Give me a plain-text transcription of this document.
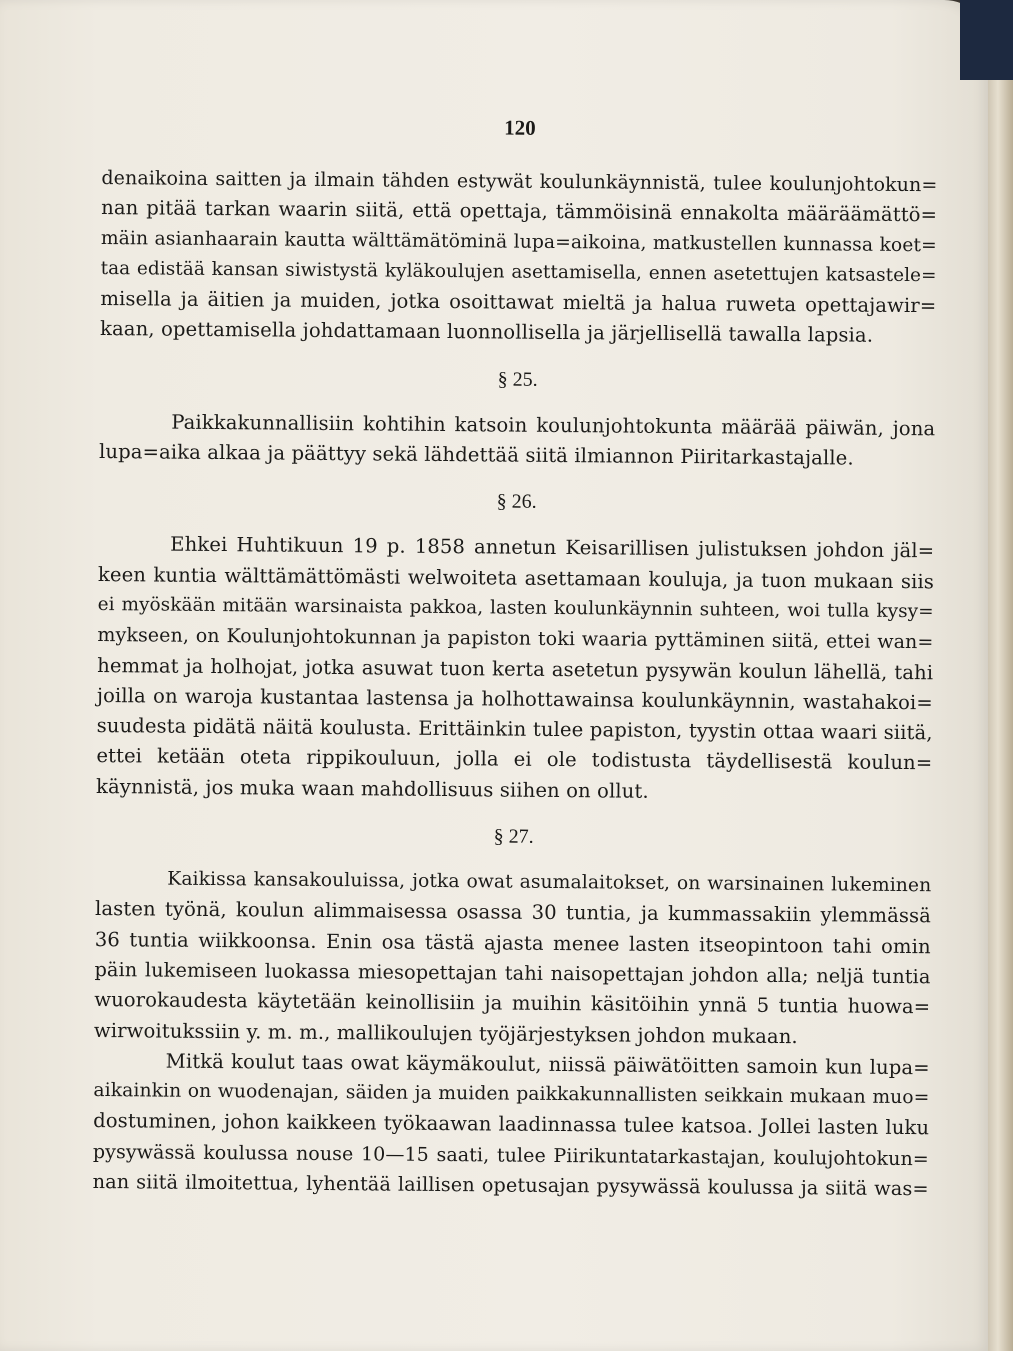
120
denaikoina saitten ja ilmain tähden estywät koulunkäynnistä, tulee koulunjohtokun=
nan pitää tarkan waarin siitä, että opettaja, tämmöisinä ennakolta määräämättö=
mäin asianhaarain kautta wälttämätöminä lupa=aikoina, matkustellen kunnassa koet=
taa edistää kansan siwistystä kyläkoulujen asettamisella, ennen asetettujen katsastele=
misella ja äitien ja muiden, jotka osoittawat mieltä ja halua ruweta opettajawir=
kaan, opettamisella johdattamaan luonnollisella ja järjellisellä tawalla lapsia.
§ 25.
Paikkakunnallisiin kohtihin katsoin koulunjohtokunta määrää päiwän, jona
lupa=aika alkaa ja päättyy sekä lähdettää siitä ilmiannon Piiritarkastajalle.
§ 26.
Ehkei Huhtikuun 19 p. 1858 annetun Keisarillisen julistuksen johdon jäl=
keen kuntia wälttämättömästi welwoiteta asettamaan kouluja, ja tuon mukaan siis
ei myöskään mitään warsinaista pakkoa, lasten koulunkäynnin suhteen, woi tulla kysy=
mykseen, on Koulunjohtokunnan ja papiston toki waaria pyttäminen siitä, ettei wan=
hemmat ja holhojat, jotka asuwat tuon kerta asetetun pysywän koulun lähellä, tahi
joilla on waroja kustantaa lastensa ja holhottawainsa koulunkäynnin, wastahakoi=
suudesta pidätä näitä koulusta. Erittäinkin tulee papiston, tyystin ottaa waari siitä,
ettei ketään oteta rippikouluun, jolla ei ole todistusta täydellisestä koulun=
käynnistä, jos muka waan mahdollisuus siihen on ollut.
§ 27.
Kaikissa kansakouluissa, jotka owat asumalaitokset, on warsinainen lukeminen
lasten työnä, koulun alimmaisessa osassa 30 tuntia, ja kummassakiin ylemmässä
36 tuntia wiikkoonsa. Enin osa tästä ajasta menee lasten itseopintoon tahi omin
päin lukemiseen luokassa miesopettajan tahi naisopettajan johdon alla; neljä tuntia
wuorokaudesta käytetään keinollisiin ja muihin käsitöihin ynnä 5 tuntia huowa=
wirwoitukssiin y. m. m., mallikoulujen työjärjestyksen johdon mukaan.
Mitkä koulut taas owat käymäkoulut, niissä päiwätöitten samoin kun lupa=
aikainkin on wuodenajan, säiden ja muiden paikkakunnallisten seikkain mukaan muo=
dostuminen, johon kaikkeen työkaawan laadinnassa tulee katsoa. Jollei lasten luku
pysywässä koulussa nouse 10—15 saati, tulee Piirikuntatarkastajan, koulujohtokun=
nan siitä ilmoitettua, lyhentää laillisen opetusajan pysywässä koulussa ja siitä was=
